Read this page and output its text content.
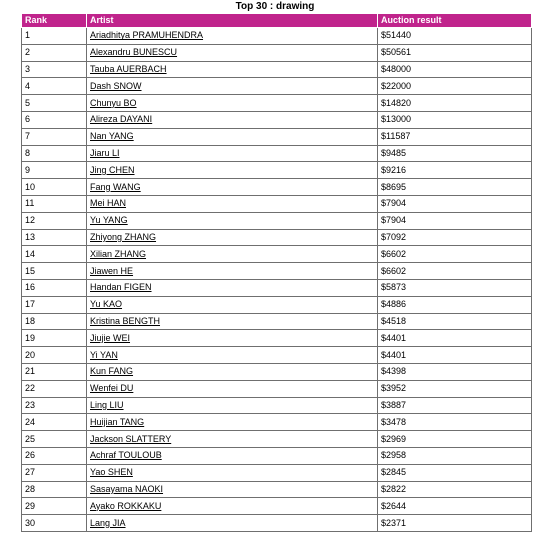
Top 30 : drawing
Rank	Artist	Auction result
1	Ariadhitya PRAMUHENDRA	$51440
2	Alexandru BUNESCU	$50561
3	Tauba AUERBACH	$48000
4	Dash SNOW	$22000
5	Chunyu BO	$14820
6	Alireza DAYANI	$13000
7	Nan YANG	$11587
8	Jiaru LI	$9485
9	Jing CHEN	$9216
10	Fang WANG	$8695
11	Mei HAN	$7904
12	Yu YANG	$7904
13	Zhiyong ZHANG	$7092
14	Xilian ZHANG	$6602
15	Jiawen HE	$6602
16	Handan FIGEN	$5873
17	Yu KAO	$4886
18	Kristina BENGTH	$4518
19	Jiujie WEI	$4401
20	Yi YAN	$4401
21	Kun FANG	$4398
22	Wenfei DU	$3952
23	Ling LIU	$3887
24	Huijian TANG	$3478
25	Jackson SLATTERY	$2969
26	Achraf TOULOUB	$2958
27	Yao SHEN	$2845
28	Sasayama NAOKI	$2822
29	Ayako ROKKAKU	$2644
30	Lang JIA	$2371
